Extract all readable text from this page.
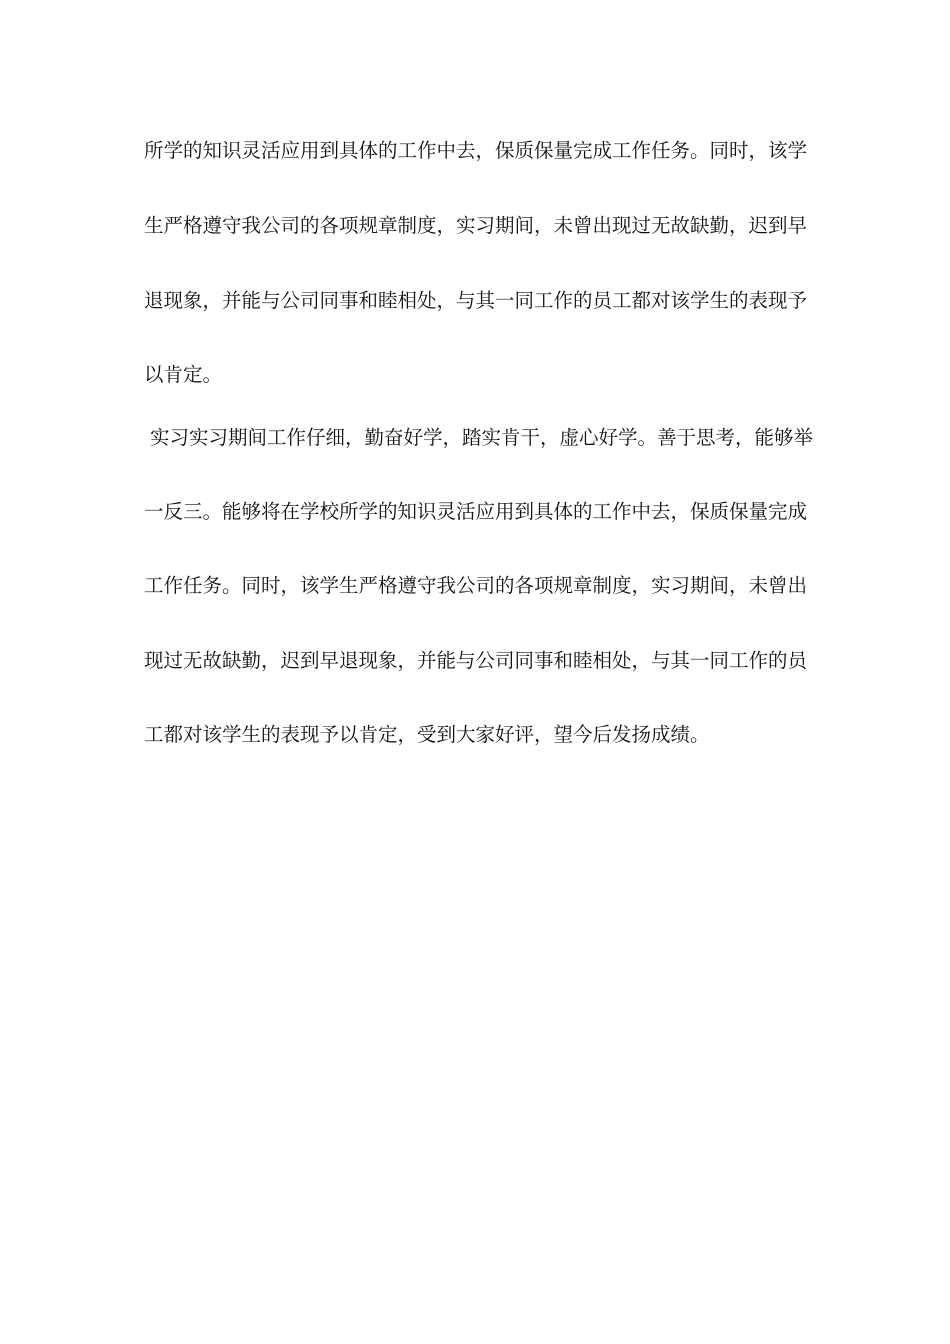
所学的知识灵活应用到具体的工作中去，保质保量完成工作任务。同时，该学
生严格遵守我公司的各项规章制度，实习期间，未曾出现过无故缺勤，迟到早
退现象，并能与公司同事和睦相处，与其一同工作的员工都对该学生的表现予
以肯定。
实习实习期间工作仔细，勤奋好学，踏实肯干，虚心好学。善于思考，能够举
一反三。能够将在学校所学的知识灵活应用到具体的工作中去，保质保量完成
工作任务。同时，该学生严格遵守我公司的各项规章制度，实习期间，未曾出
现过无故缺勤，迟到早退现象，并能与公司同事和睦相处，与其一同工作的员
工都对该学生的表现予以肯定，受到大家好评，望今后发扬成绩。
